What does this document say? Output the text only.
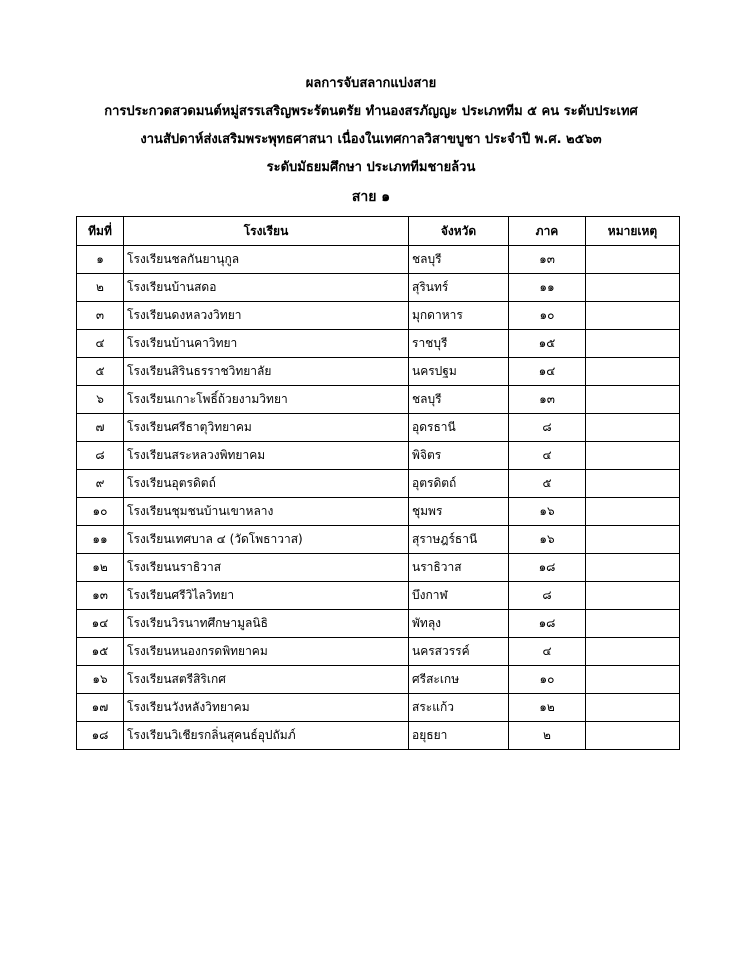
ผลการจับสลากแบ่งสาย
การประกวดสวดมนต์หมู่สรรเสริญพระรัตนตรัย ทำนองสรภัญญะ ประเภททีม ๕ คน ระดับประเทศ
งานสัปดาห์ส่งเสริมพระพุทธศาสนา เนื่องในเทศกาลวิสาขบูชา ประจำปี พ.ศ. ๒๕๖๓
ระดับมัธยมศึกษา ประเภททีมชายล้วน
สาย ๑
ทีมที่	โรงเรียน	จังหวัด	ภาค	หมายเหตุ
๑	โรงเรียนชลกันยานุกูล	ชลบุรี	๑๓	
๒	โรงเรียนบ้านสดอ	สุรินทร์	๑๑	
๓	โรงเรียนดงหลวงวิทยา	มุกดาหาร	๑๐	
๔	โรงเรียนบ้านคาวิทยา	ราชบุรี	๑๕	
๕	โรงเรียนสิรินธรราชวิทยาลัย	นครปฐม	๑๔	
๖	โรงเรียนเกาะโพธิ์ถ้วยงามวิทยา	ชลบุรี	๑๓	
๗	โรงเรียนศรีธาตุวิทยาคม	อุดรธานี	๘	
๘	โรงเรียนสระหลวงพิทยาคม	พิจิตร	๔	
๙	โรงเรียนอุตรดิตถ์	อุตรดิตถ์	๕	
๑๐	โรงเรียนชุมชนบ้านเขาหลาง	ชุมพร	๑๖	
๑๑	โรงเรียนเทศบาล ๔ (วัดโพธาวาส)	สุราษฎร์ธานี	๑๖	
๑๒	โรงเรียนนราธิวาส	นราธิวาส	๑๘	
๑๓	โรงเรียนศรีวิไลวิทยา	บึงกาฬ	๘	
๑๔	โรงเรียนวิรนาทศึกษามูลนิธิ	พัทลุง	๑๘	
๑๕	โรงเรียนหนองกรดพิทยาคม	นครสวรรค์	๔	
๑๖	โรงเรียนสตรีสิริเกศ	ศรีสะเกษ	๑๐	
๑๗	โรงเรียนวังหลังวิทยาคม	สระแก้ว	๑๒	
๑๘	โรงเรียนวิเชียรกลิ่นสุคนธ์อุปถัมภ์	อยุธยา	๒	
